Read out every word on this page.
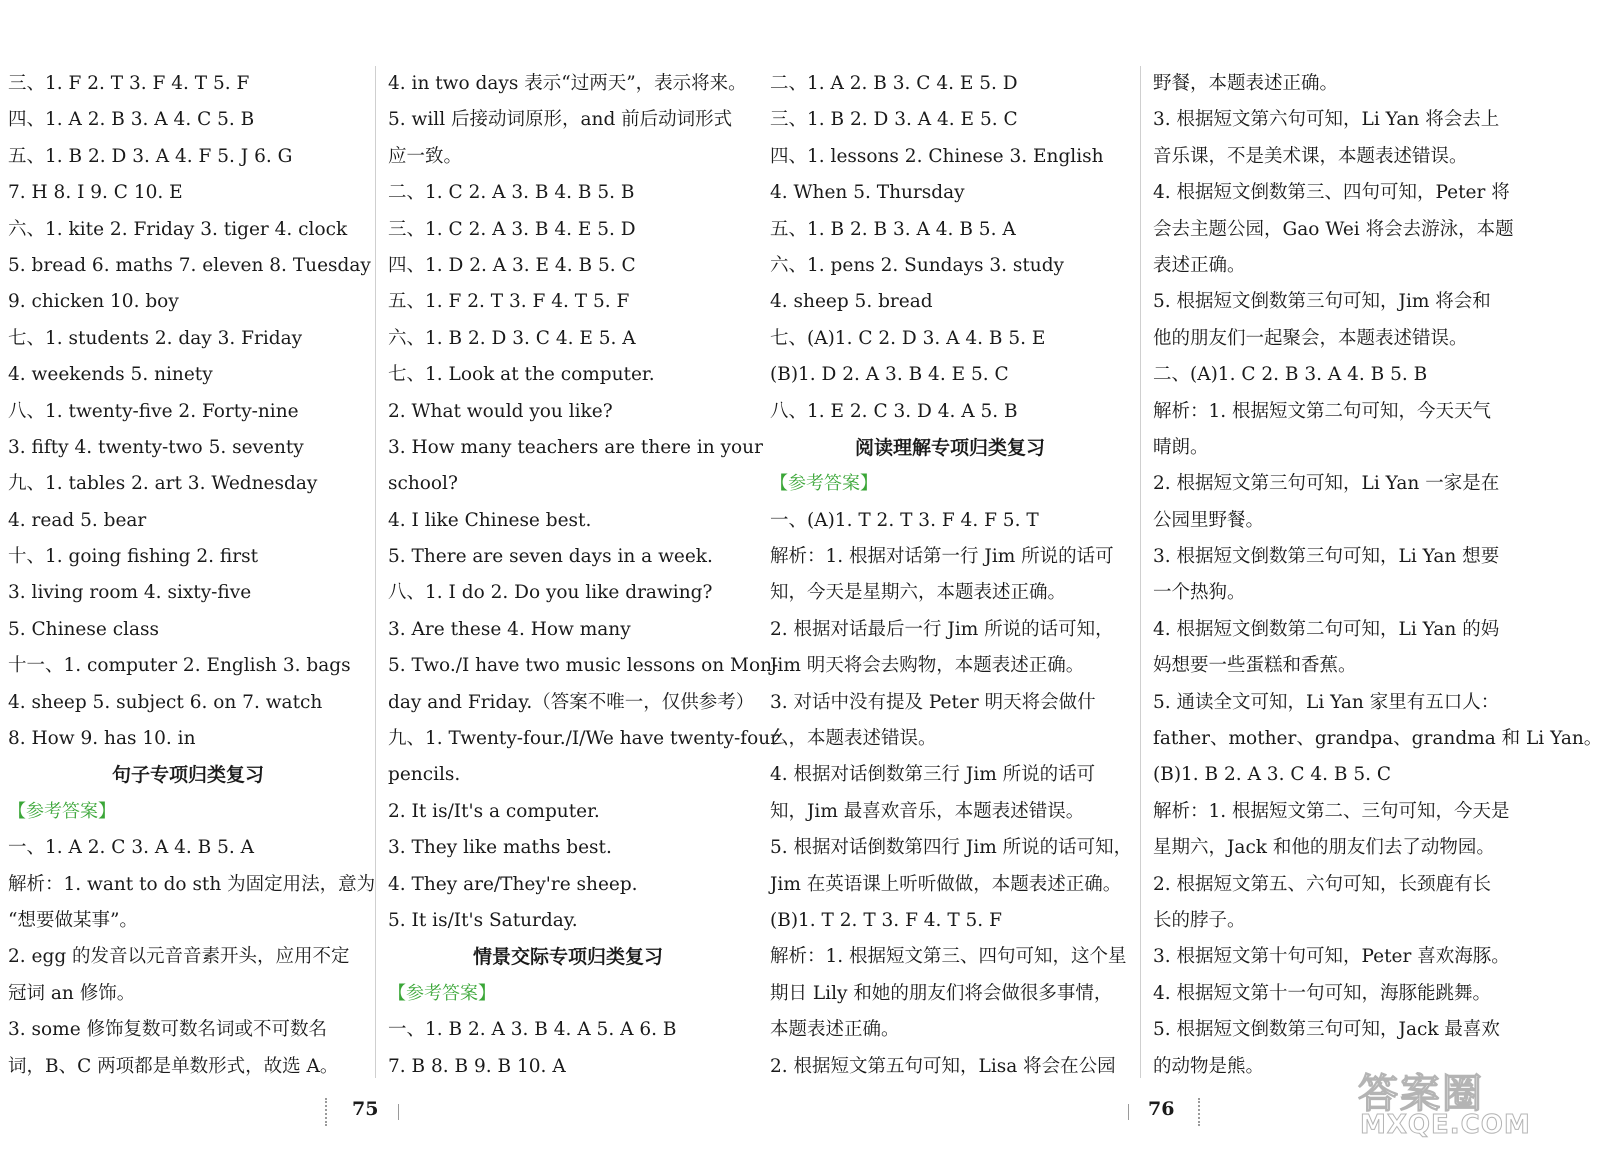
三、1. F 2. T 3. F 4. T 5. F
四、1. A 2. B 3. A 4. C 5. B
五、1. B 2. D 3. A 4. F 5. J 6. G
7. H 8. I 9. C 10. E
六、1. kite 2. Friday 3. tiger 4. clock
5. bread 6. maths 7. eleven 8. Tuesday
9. chicken 10. boy
七、1. students 2. day 3. Friday
4. weekends 5. ninety
八、1. twenty-five 2. Forty-nine
3. fifty 4. twenty-two 5. seventy
九、1. tables 2. art 3. Wednesday
4. read 5. bear
十、1. going fishing 2. first
3. living room 4. sixty-five
5. Chinese class
十一、1. computer 2. English 3. bags
4. sheep 5. subject 6. on 7. watch
8. How 9. has 10. in
句子专项归类复习
【参考答案】
一、1. A 2. C 3. A 4. B 5. A
解析：1. want to do sth 为固定用法，意为
“想要做某事”。
2. egg 的发音以元音音素开头，应用不定
冠词 an 修饰。
3. some 修饰复数可数名词或不可数名
词，B、C 两项都是单数形式，故选 A。
4. in two days 表示“过两天”，表示将来。
5. will 后接动词原形，and 前后动词形式
应一致。
二、1. C 2. A 3. B 4. B 5. B
三、1. C 2. A 3. B 4. E 5. D
四、1. D 2. A 3. E 4. B 5. C
五、1. F 2. T 3. F 4. T 5. F
六、1. B 2. D 3. C 4. E 5. A
七、1. Look at the computer.
2. What would you like?
3. How many teachers are there in your
school?
4. I like Chinese best.
5. There are seven days in a week.
八、1. I do 2. Do you like drawing?
3. Are these 4. How many
5. Two./I have two music lessons on Mon-
day and Friday.（答案不唯一，仅供参考）
九、1. Twenty-four./I/We have twenty-four
pencils.
2. It is/It's a computer.
3. They like maths best.
4. They are/They're sheep.
5. It is/It's Saturday.
情景交际专项归类复习
【参考答案】
一、1. B 2. A 3. B 4. A 5. A 6. B
7. B 8. B 9. B 10. A
二、1. A 2. B 3. C 4. E 5. D
三、1. B 2. D 3. A 4. E 5. C
四、1. lessons 2. Chinese 3. English
4. When 5. Thursday
五、1. B 2. B 3. A 4. B 5. A
六、1. pens 2. Sundays 3. study
4. sheep 5. bread
七、(A)1. C 2. D 3. A 4. B 5. E
(B)1. D 2. A 3. B 4. E 5. C
八、1. E 2. C 3. D 4. A 5. B
阅读理解专项归类复习
【参考答案】
一、(A)1. T 2. T 3. F 4. F 5. T
解析：1. 根据对话第一行 Jim 所说的话可
知，今天是星期六，本题表述正确。
2. 根据对话最后一行 Jim 所说的话可知，
Jim 明天将会去购物，本题表述正确。
3. 对话中没有提及 Peter 明天将会做什
么，本题表述错误。
4. 根据对话倒数第三行 Jim 所说的话可
知，Jim 最喜欢音乐，本题表述错误。
5. 根据对话倒数第四行 Jim 所说的话可知，
Jim 在英语课上听听做做，本题表述正确。
(B)1. T 2. T 3. F 4. T 5. F
解析：1. 根据短文第三、四句可知，这个星
期日 Lily 和她的朋友们将会做很多事情，
本题表述正确。
2. 根据短文第五句可知，Lisa 将会在公园
野餐，本题表述正确。
3. 根据短文第六句可知，Li Yan 将会去上
音乐课，不是美术课，本题表述错误。
4. 根据短文倒数第三、四句可知，Peter 将
会去主题公园，Gao Wei 将会去游泳，本题
表述正确。
5. 根据短文倒数第三句可知，Jim 将会和
他的朋友们一起聚会，本题表述错误。
二、(A)1. C 2. B 3. A 4. B 5. B
解析：1. 根据短文第二句可知，今天天气
晴朗。
2. 根据短文第三句可知，Li Yan 一家是在
公园里野餐。
3. 根据短文倒数第三句可知，Li Yan 想要
一个热狗。
4. 根据短文倒数第二句可知，Li Yan 的妈
妈想要一些蛋糕和香蕉。
5. 通读全文可知，Li Yan 家里有五口人：
father、mother、grandpa、grandma 和 Li Yan。
(B)1. B 2. A 3. C 4. B 5. C
解析：1. 根据短文第二、三句可知，今天是
星期六，Jack 和他的朋友们去了动物园。
2. 根据短文第五、六句可知，长颈鹿有长
长的脖子。
3. 根据短文第十句可知，Peter 喜欢海豚。
4. 根据短文第十一句可知，海豚能跳舞。
5. 根据短文倒数第三句可知，Jack 最喜欢
的动物是熊。
75	76	答案圈
MXQE.COM
